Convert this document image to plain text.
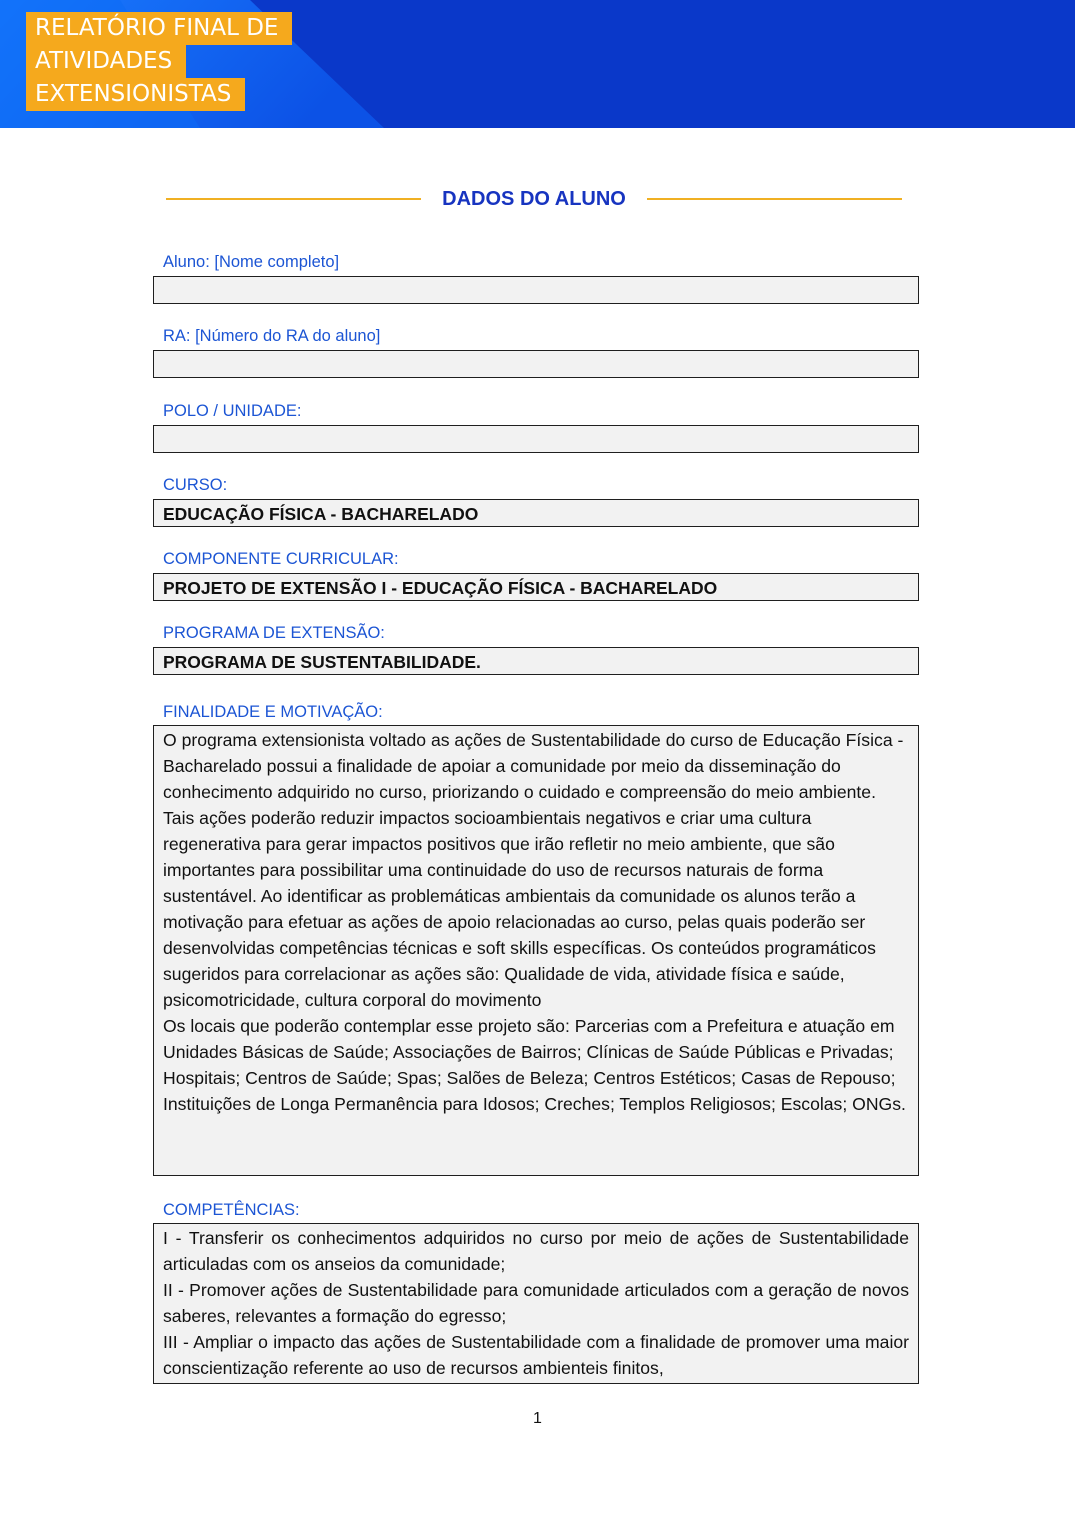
RELATÓRIO FINAL DE
ATIVIDADES
EXTENSIONISTAS
DADOS DO ALUNO
Aluno: [Nome completo]
RA: [Número do RA do aluno]
POLO / UNIDADE:
CURSO:
EDUCAÇÃO FÍSICA - BACHARELADO
COMPONENTE CURRICULAR:
PROJETO DE EXTENSÃO I - EDUCAÇÃO FÍSICA - BACHARELADO
PROGRAMA DE EXTENSÃO:
PROGRAMA DE SUSTENTABILIDADE.
FINALIDADE E MOTIVAÇÃO:
O programa extensionista voltado as ações de Sustentabilidade do curso de Educação Física - Bacharelado possui a finalidade de apoiar a comunidade por meio da disseminação do conhecimento adquirido no curso, priorizando o cuidado e compreensão do meio ambiente. Tais ações poderão reduzir impactos socioambientais negativos e criar uma cultura regenerativa para gerar impactos positivos que irão refletir no meio ambiente, que são importantes para possibilitar uma continuidade do uso de recursos naturais de forma sustentável. Ao identificar as problemáticas ambientais da comunidade os alunos terão a motivação para efetuar as ações de apoio relacionadas ao curso, pelas quais poderão ser desenvolvidas competências técnicas e soft skills específicas. Os conteúdos programáticos sugeridos para correlacionar as ações são: Qualidade de vida, atividade física e saúde, psicomotricidade, cultura corporal do movimento
Os locais que poderão contemplar esse projeto são: Parcerias com a Prefeitura e atuação em Unidades Básicas de Saúde; Associações de Bairros; Clínicas de Saúde Públicas e Privadas; Hospitais; Centros de Saúde; Spas; Salões de Beleza; Centros Estéticos; Casas de Repouso; Instituições de Longa Permanência para Idosos; Creches; Templos Religiosos; Escolas; ONGs.
COMPETÊNCIAS:

I - Transferir os conhecimentos adquiridos no curso por meio de ações de Sustentabilidade articuladas com os anseios da comunidade;

II - Promover ações de Sustentabilidade para comunidade articulados com a geração de novos saberes, relevantes a formação do egresso;

III - Ampliar o impacto das ações de Sustentabilidade com a finalidade de promover uma maior conscientização referente ao uso de recursos ambienteis finitos,

1
